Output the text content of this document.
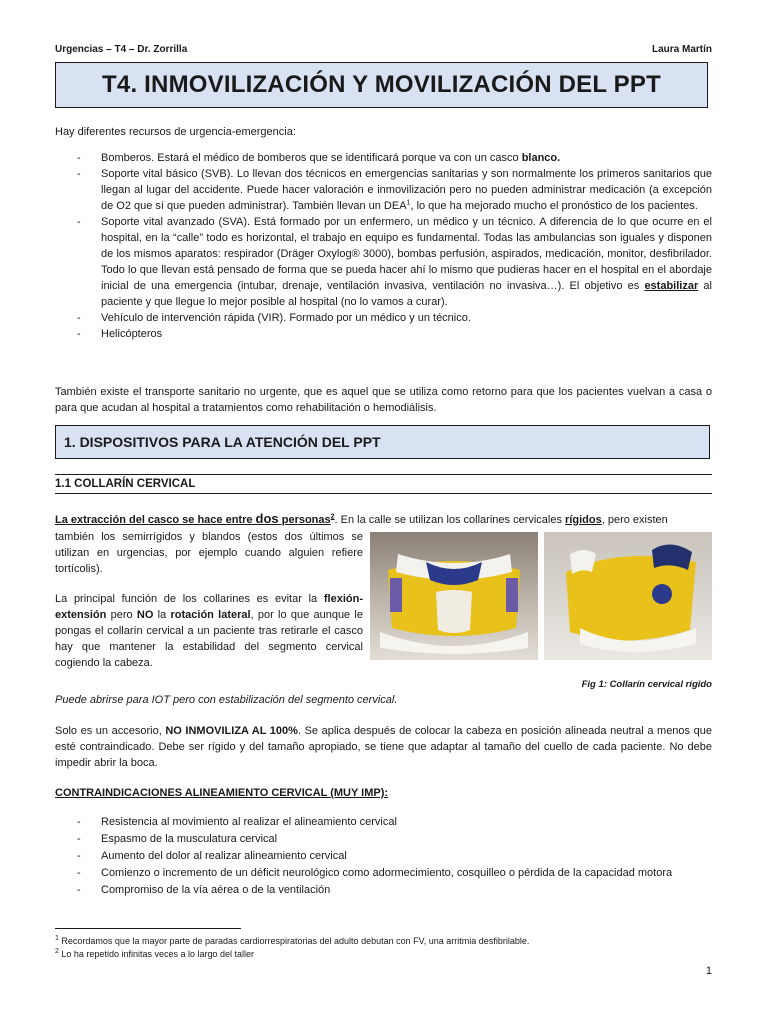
Urgencias – T4 – Dr. Zorrilla	Laura Martín
T4. INMOVILIZACIÓN Y MOVILIZACIÓN DEL PPT
Hay diferentes recursos de urgencia-emergencia:
- Bomberos. Estará el médico de bomberos que se identificará porque va con un casco blanco.
- Soporte vital básico (SVB). Lo llevan dos técnicos en emergencias sanitarias y son normalmente los primeros sanitarios que llegan al lugar del accidente. Puede hacer valoración e inmovilización pero no pueden administrar medicación (a excepción de O2 que sí que pueden administrar). También llevan un DEA$^1$, lo que ha mejorado mucho el pronóstico de los pacientes.
- Soporte vital avanzado (SVA). Está formado por un enfermero, un médico y un técnico. A diferencia de lo que ocurre en el hospital, en la “calle” todo es horizontal, el trabajo en equipo es fundamental. Todas las ambulancias son iguales y disponen de los mismos aparatos: respirador (Dräger Oxylog® 3000), bombas perfusión, aspirados, medicación, monitor, desfibrilador. Todo lo que llevan está pensado de forma que se pueda hacer ahí lo mismo que pudieras hacer en el hospital en el abordaje inicial de una emergencia (intubar, drenaje, ventilación invasiva, ventilación no invasiva…). El objetivo es estabilizar al paciente y que llegue lo mejor posible al hospital (no lo vamos a curar).
- Vehículo de intervención rápida (VIR). Formado por un médico y un técnico.
- Helicópteros
También existe el transporte sanitario no urgente, que es aquel que se utiliza como retorno para que los pacientes vuelvan a casa o para que acudan al hospital a tratamientos como rehabilitación o hemodiálisis.
1. DISPOSITIVOS PARA LA ATENCIÓN DEL PPT
1.1 COLLARÍN CERVICAL
La extracción del casco se hace entre dos personas$^2$. En la calle se utilizan los collarines cervicales rígidos, pero existen
también los semirrígidos y blandos (estos dos últimos se utilizan en urgencias, por ejemplo cuando alguien refiere tortícolis).
La principal función de los collarines es evitar la flexión-extensión pero NO la rotación lateral, por lo que aunque le pongas el collarín cervical a un paciente tras retirarle el casco hay que mantener la estabilidad del segmento cervical cogiendo la cabeza.
Fig 1: Collarín cervical rígido
Puede abrirse para IOT pero con estabilización del segmento cervical.
Solo es un accesorio, NO INMOVILIZA AL 100%. Se aplica después de colocar la cabeza en posición alineada neutral a menos que esté contraindicado. Debe ser rígido y del tamaño apropiado, se tiene que adaptar al tamaño del cuello de cada paciente. No debe impedir abrir la boca.
CONTRAINDICACIONES ALINEAMIENTO CERVICAL (MUY IMP):
- Resistencia al movimiento al realizar el alineamiento cervical
- Espasmo de la musculatura cervical
- Aumento del dolor al realizar alineamiento cervical
- Comienzo o incremento de un déficit neurológico como adormecimiento, cosquilleo o pérdida de la capacidad motora
- Compromiso de la vía aérea o de la ventilación
$^1$ Recordamos que la mayor parte de paradas cardiorrespiratorias del adulto debutan con FV, una arritmia desfibrilable.
$^2$ Lo ha repetido infinitas veces a lo largo del taller
1
